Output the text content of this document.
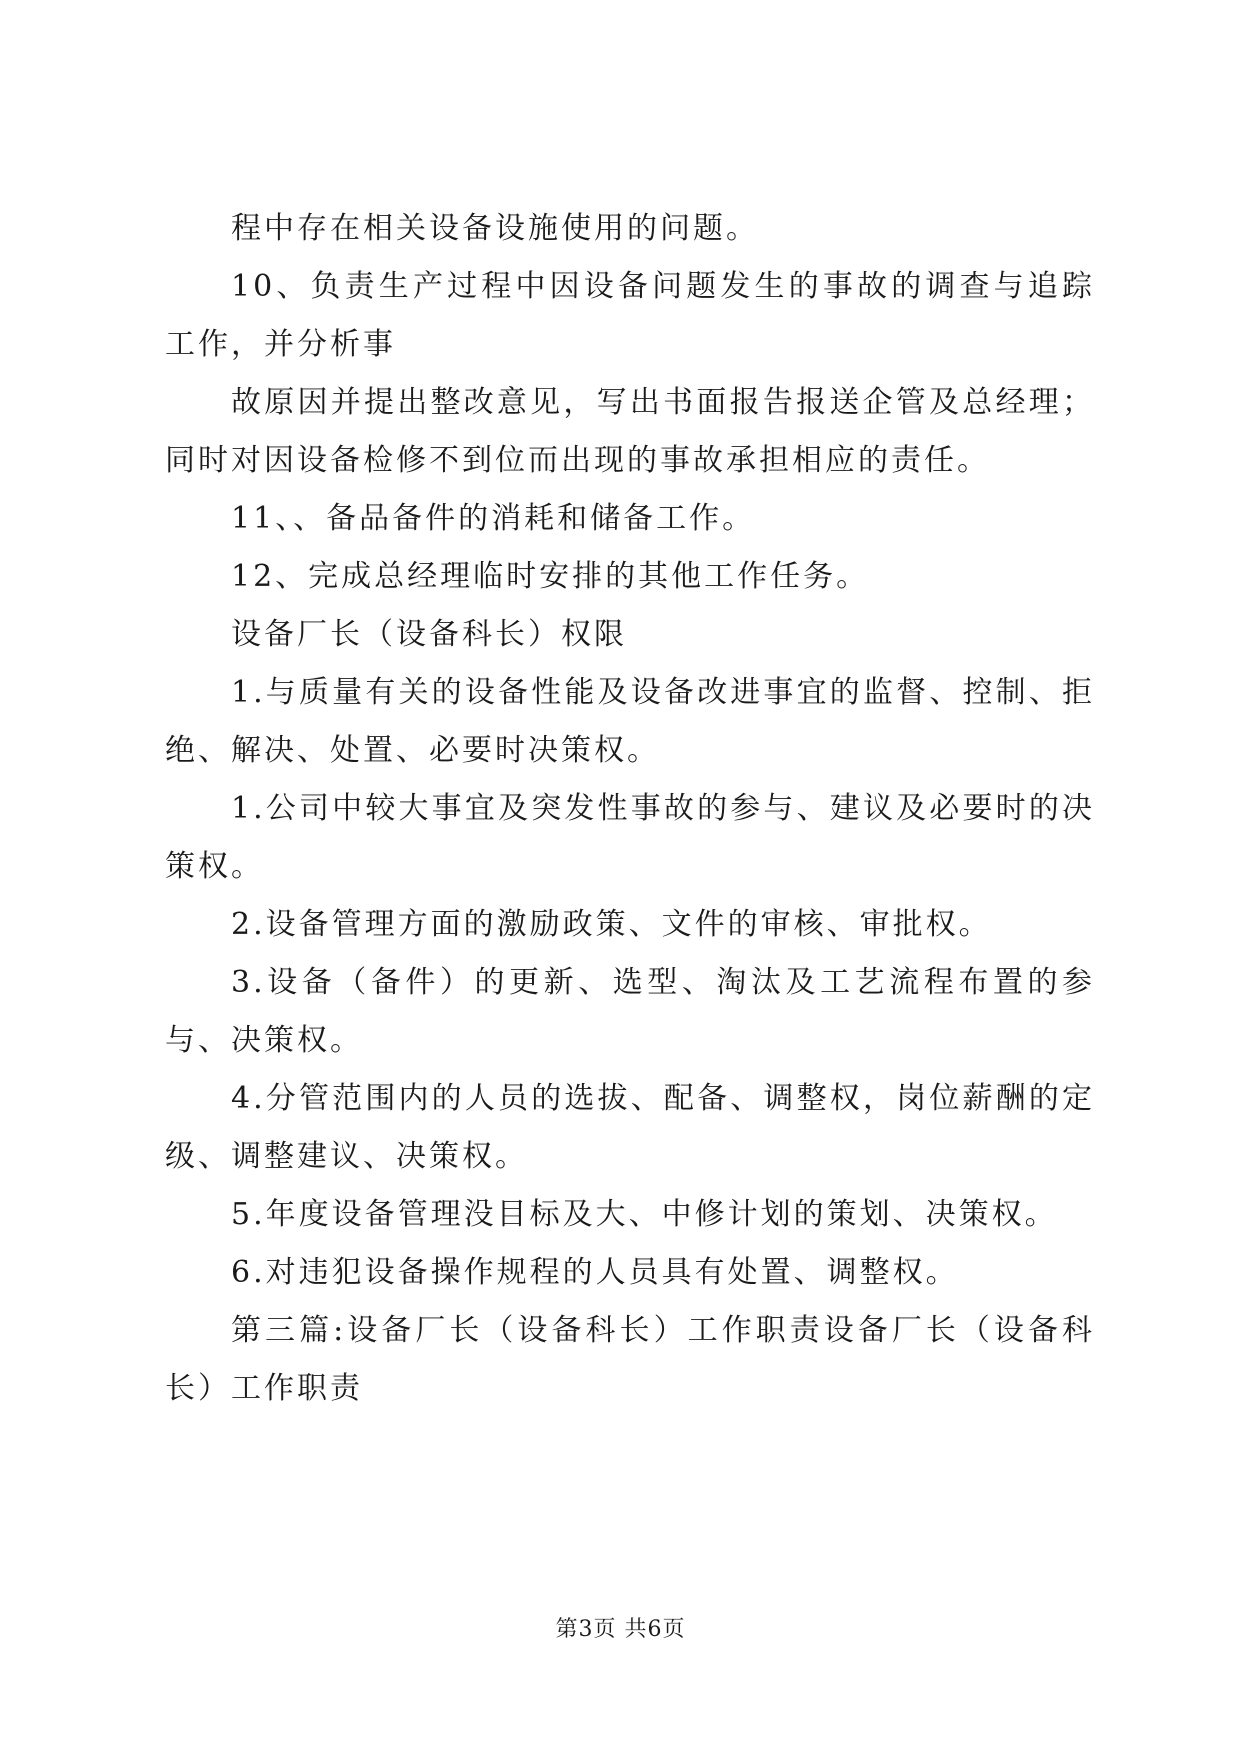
程中存在相关设备设施使用的问题。

10、负责生产过程中因设备问题发生的事故的调查与追踪工作，并分析事

故原因并提出整改意见，写出书面报告报送企管及总经理；同时对因设备检修不到位而出现的事故承担相应的责任。

11、、备品备件的消耗和储备工作。

12、完成总经理临时安排的其他工作任务。

设备厂长（设备科长）权限

1.与质量有关的设备性能及设备改进事宜的监督、控制、拒绝、解决、处置、必要时决策权。

1.公司中较大事宜及突发性事故的参与、建议及必要时的决策权。

2.设备管理方面的激励政策、文件的审核、审批权。

3.设备（备件）的更新、选型、淘汰及工艺流程布置的参与、决策权。

4.分管范围内的人员的选拔、配备、调整权，岗位薪酬的定级、调整建议、决策权。

5.年度设备管理没目标及大、中修计划的策划、决策权。

6.对违犯设备操作规程的人员具有处置、调整权。

第三篇:设备厂长（设备科长）工作职责设备厂长（设备科长）工作职责

第3页 共6页
